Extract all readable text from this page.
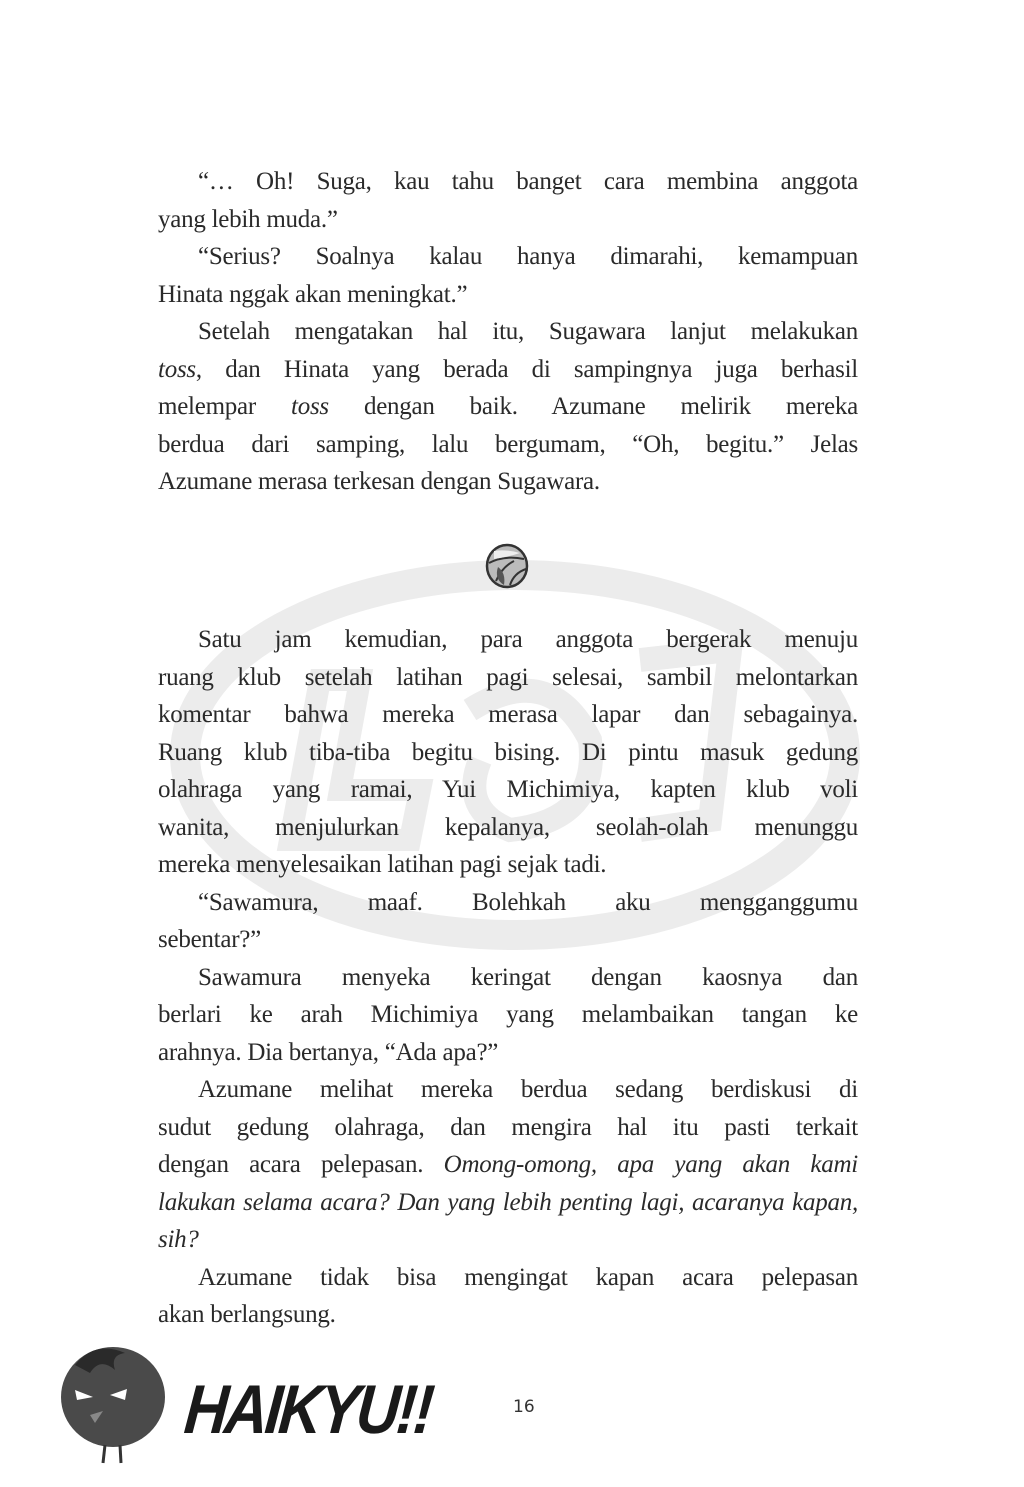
“… Oh! Suga, kau tahu banget cara membina anggota
yang lebih muda.”
“Serius? Soalnya kalau hanya dimarahi, kemampuan
Hinata nggak akan meningkat.”
Setelah mengatakan hal itu, Sugawara lanjut melakukan
toss, dan Hinata yang berada di sampingnya juga berhasil
melempar toss dengan baik. Azumane melirik mereka
berdua dari samping, lalu bergumam, “Oh, begitu.” Jelas
Azumane merasa terkesan dengan Sugawara.
Satu jam kemudian, para anggota bergerak menuju
ruang klub setelah latihan pagi selesai, sambil melontarkan
komentar bahwa mereka merasa lapar dan sebagainya.
Ruang klub tiba-tiba begitu bising. Di pintu masuk gedung
olahraga yang ramai, Yui Michimiya, kapten klub voli
wanita, menjulurkan kepalanya, seolah-olah menunggu
mereka menyelesaikan latihan pagi sejak tadi.
“Sawamura, maaf. Bolehkah aku mengganggumu
sebentar?”
Sawamura menyeka keringat dengan kaosnya dan
berlari ke arah Michimiya yang melambaikan tangan ke
arahnya. Dia bertanya, “Ada apa?”
Azumane melihat mereka berdua sedang berdiskusi di
sudut gedung olahraga, dan mengira hal itu pasti terkait
dengan acara pelepasan. Omong-omong, apa yang akan kami
lakukan selama acara? Dan yang lebih penting lagi, acaranya kapan,
sih?
Azumane tidak bisa mengingat kapan acara pelepasan
akan berlangsung.
HAIKYU!!	16
